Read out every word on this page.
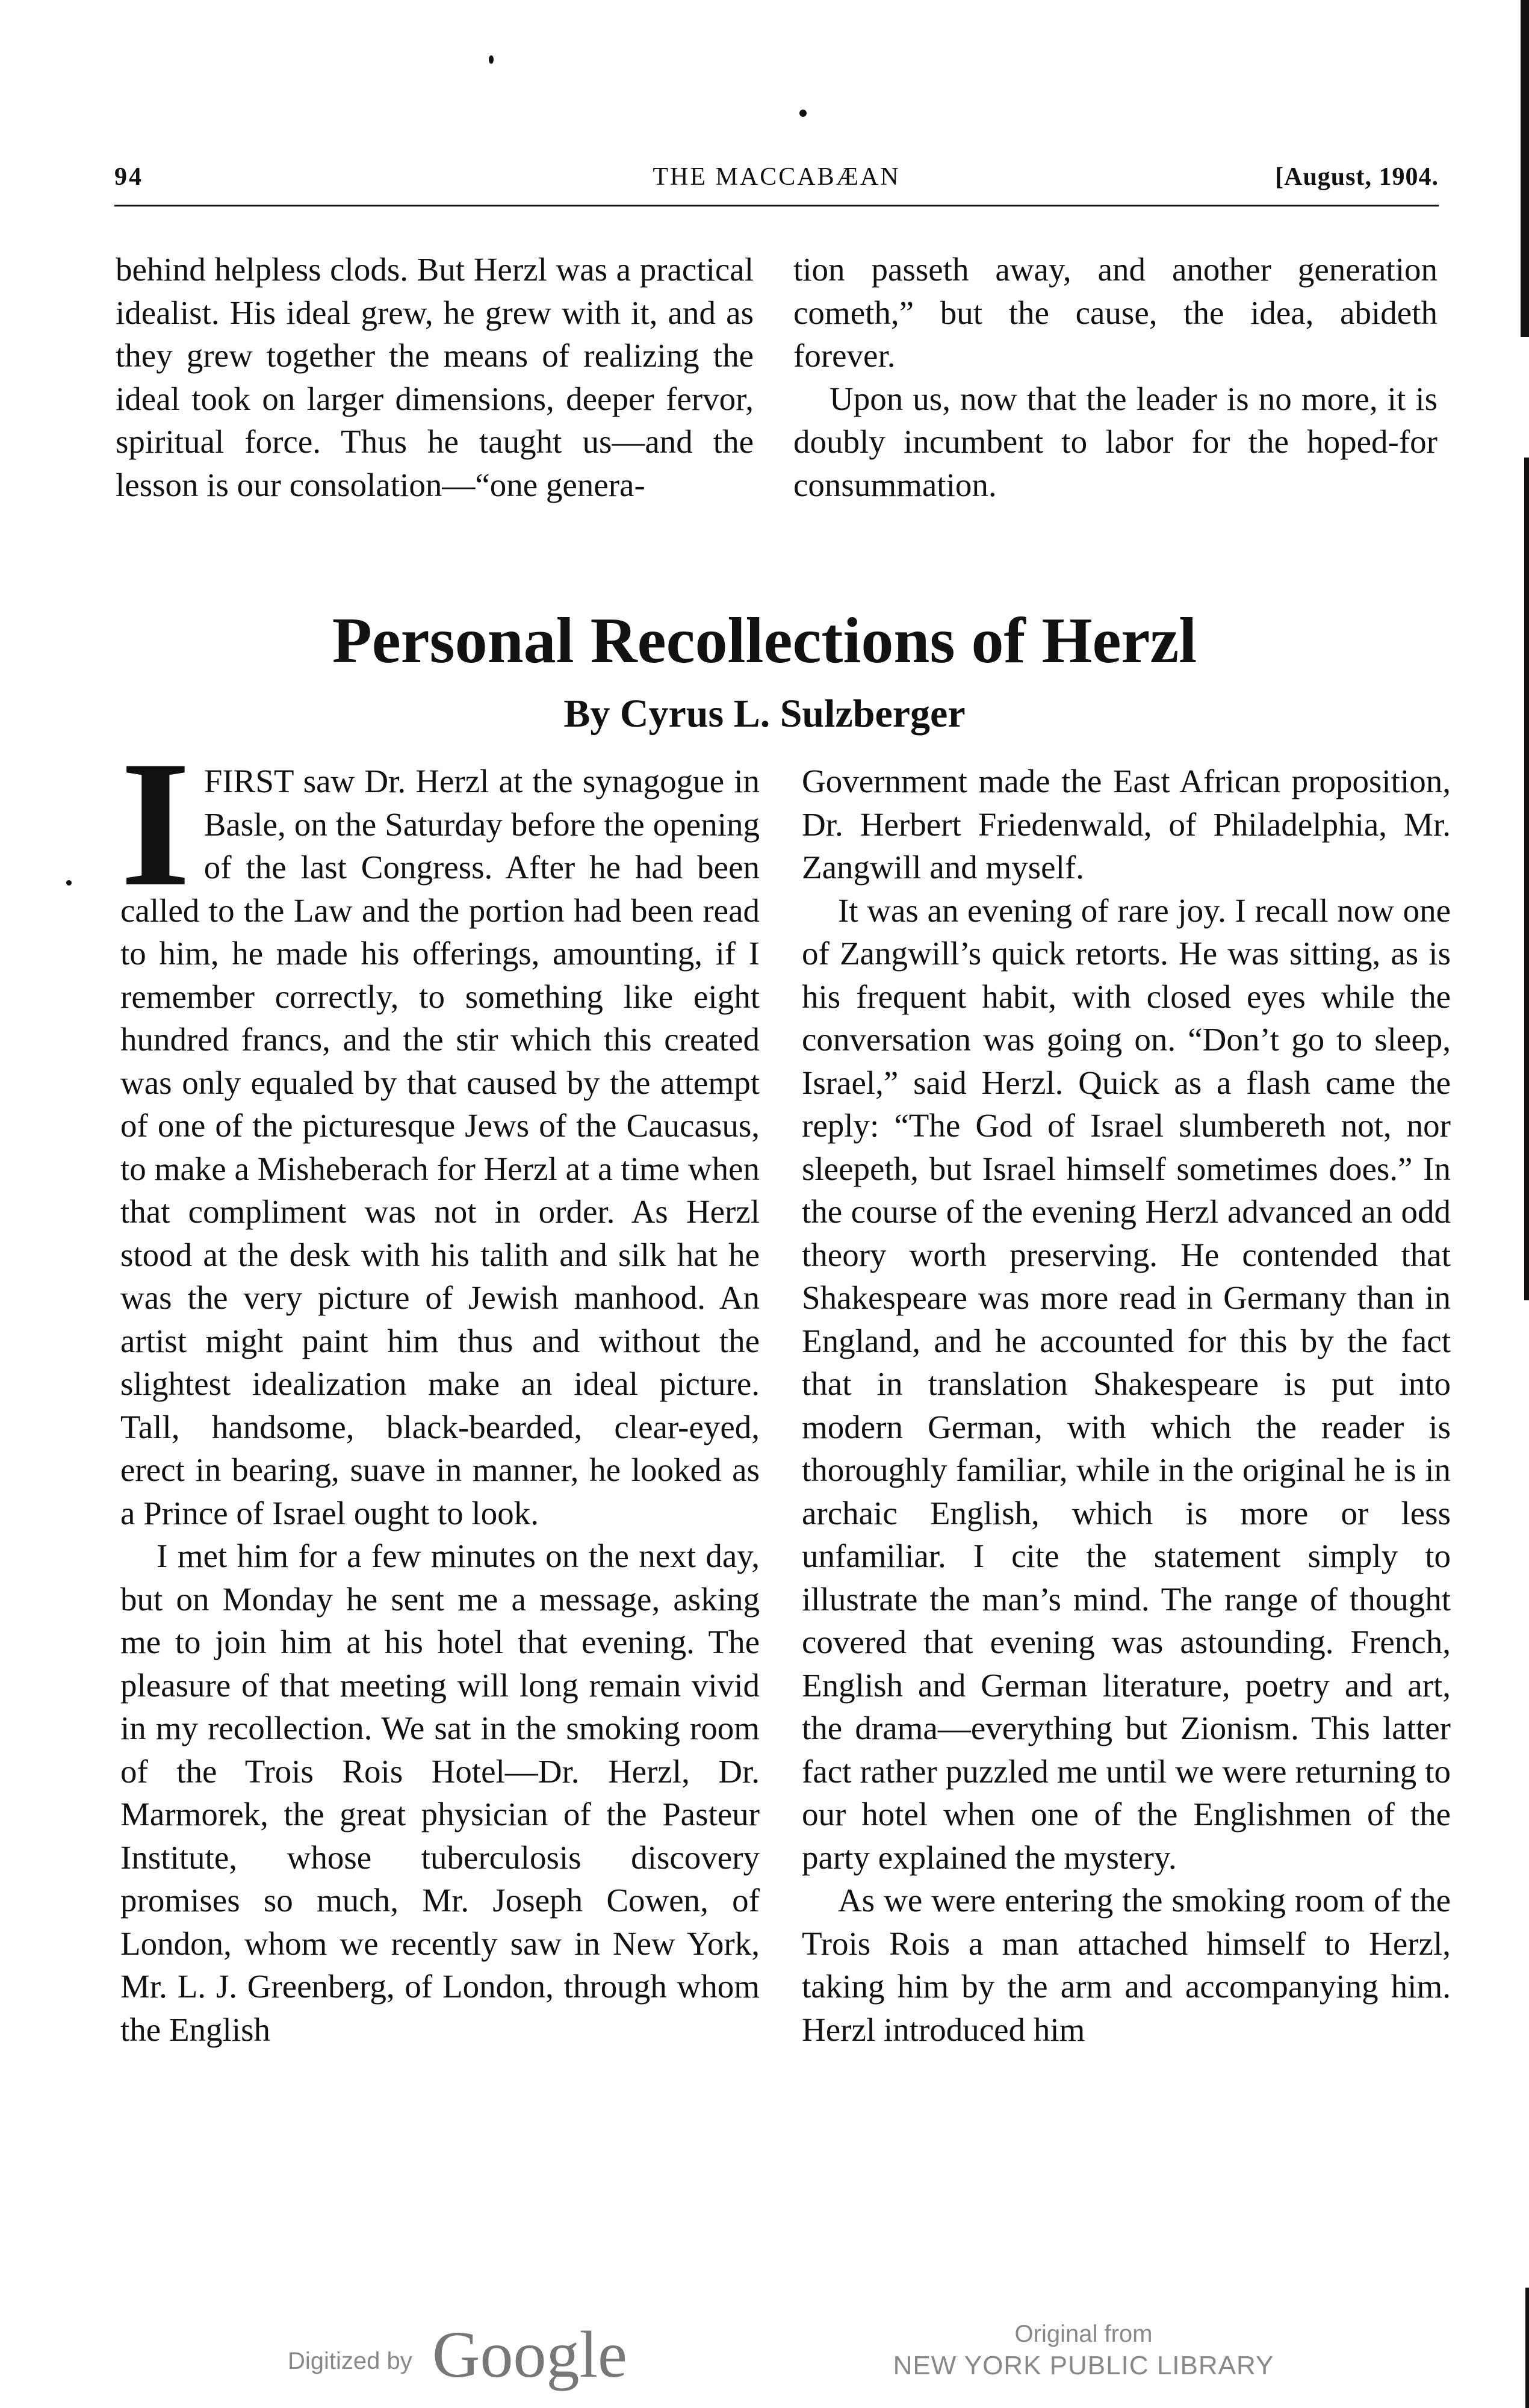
94	THE MACCABÆAN	[August, 1904.

behind helpless clods. But Herzl was a practical idealist. His ideal grew, he grew with it, and as they grew together the means of realizing the ideal took on larger dimensions, deeper fervor, spiritual force. Thus he taught us—and the lesson is our consolation—“one genera-

tion passeth away, and another generation cometh,” but the cause, the idea, abideth forever.

Upon us, now that the leader is no more, it is doubly incumbent to labor for the hoped-for consummation.

Personal Recollections of Herzl
By Cyrus L. Sulzberger
I FIRST saw Dr. Herzl at the synagogue in Basle, on the Saturday before the opening of the last Congress. After he had been called to the Law and the portion had been read to him, he made his offerings, amounting, if I remember correctly, to something like eight hundred francs, and the stir which this created was only equaled by that caused by the attempt of one of the picturesque Jews of the Caucasus, to make a Misheberach for Herzl at a time when that compliment was not in order. As Herzl stood at the desk with his talith and silk hat he was the very picture of Jewish manhood. An artist might paint him thus and without the slightest idealization make an ideal picture. Tall, handsome, black-bearded, clear-eyed, erect in bearing, suave in manner, he looked as a Prince of Israel ought to look.

I met him for a few minutes on the next day, but on Monday he sent me a message, asking me to join him at his hotel that evening. The pleasure of that meeting will long remain vivid in my recollection. We sat in the smoking room of the Trois Rois Hotel—Dr. Herzl, Dr. Marmorek, the great physician of the Pasteur Institute, whose tuberculosis discovery promises so much, Mr. Joseph Cowen, of London, whom we recently saw in New York, Mr. L. J. Greenberg, of London, through whom the English

Government made the East African proposition, Dr. Herbert Friedenwald, of Philadelphia, Mr. Zangwill and myself.

It was an evening of rare joy. I recall now one of Zangwill’s quick retorts. He was sitting, as is his frequent habit, with closed eyes while the conversation was going on. “Don’t go to sleep, Israel,” said Herzl. Quick as a flash came the reply: “The God of Israel slumbereth not, nor sleepeth, but Israel himself sometimes does.” In the course of the evening Herzl advanced an odd theory worth preserving. He contended that Shakespeare was more read in Germany than in England, and he accounted for this by the fact that in translation Shakespeare is put into modern German, with which the reader is thoroughly familiar, while in the original he is in archaic English, which is more or less unfamiliar. I cite the statement simply to illustrate the man’s mind. The range of thought covered that evening was astounding. French, English and German literature, poetry and art, the drama—everything but Zionism. This latter fact rather puzzled me until we were returning to our hotel when one of the Englishmen of the party explained the mystery.

As we were entering the smoking room of the Trois Rois a man attached himself to Herzl, taking him by the arm and accompanying him. Herzl introduced him

Digitized by Google	Original from
NEW YORK PUBLIC LIBRARY
